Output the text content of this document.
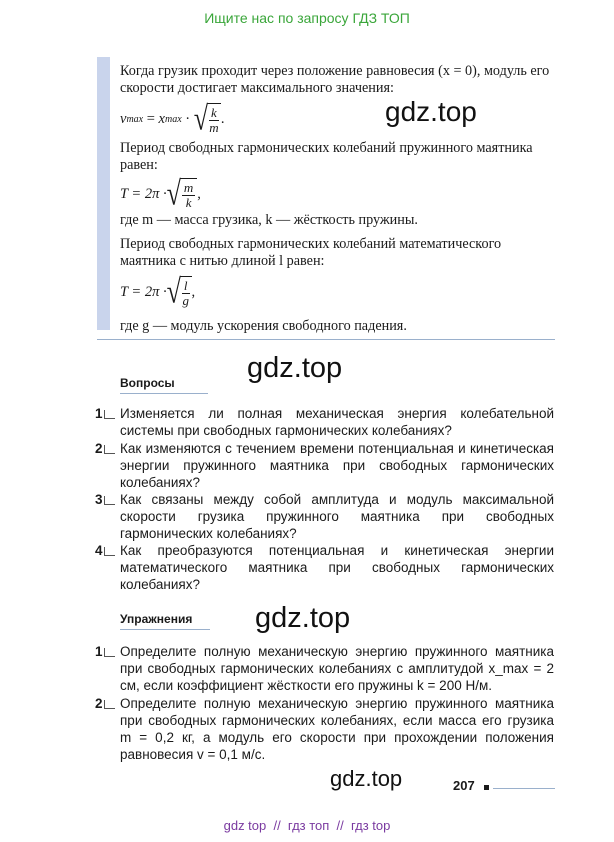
Ищите нас по запросу ГДЗ ТОП
Когда грузик проходит через положение равновесия (x = 0), модуль его скорости достигает максимального значения:
v max = x max · √ $\frac{k}{m}$ .	gdz.top
Период свободных гармонических колебаний пружинного маятника равен:
T = 2π · √ $\frac{m}{k}$ ,
где m — масса грузика, k — жёсткость пружины.
Период свободных гармонических колебаний математического маятника с нитью длиной l равен:
T = 2π · √ $\frac{l}{g}$ ,
где g — модуль ускорения свободного падения.
gdz.top
Вопросы
1 Изменяется ли полная механическая энергия колебательной системы при свободных гармонических колебаниях?
2 Как изменяются с течением времени потенциальная и кинетическая энергии пружинного маятника при свободных гармонических колебаниях?
3 Как связаны между собой амплитуда и модуль максимальной скорости грузика пружинного маятника при свободных гармонических колебаниях?
4 Как преобразуются потенциальная и кинетическая энергии математического маятника при свободных гармонических колебаниях?
gdz.top
Упражнения
1 Определите полную механическую энергию пружинного маятника при свободных гармонических колебаниях с амплитудой x_max = 2 см, если коэффициент жёсткости его пружины k = 200 Н/м.
2 Определите полную механическую энергию пружинного маятника при свободных гармонических колебаниях, если масса его грузика m = 0,2 кг, а модуль его скорости при прохождении положения равновесия v = 0,1 м/с.
gdz.top	207
gdz top  //  гдз топ  //  гдз top
